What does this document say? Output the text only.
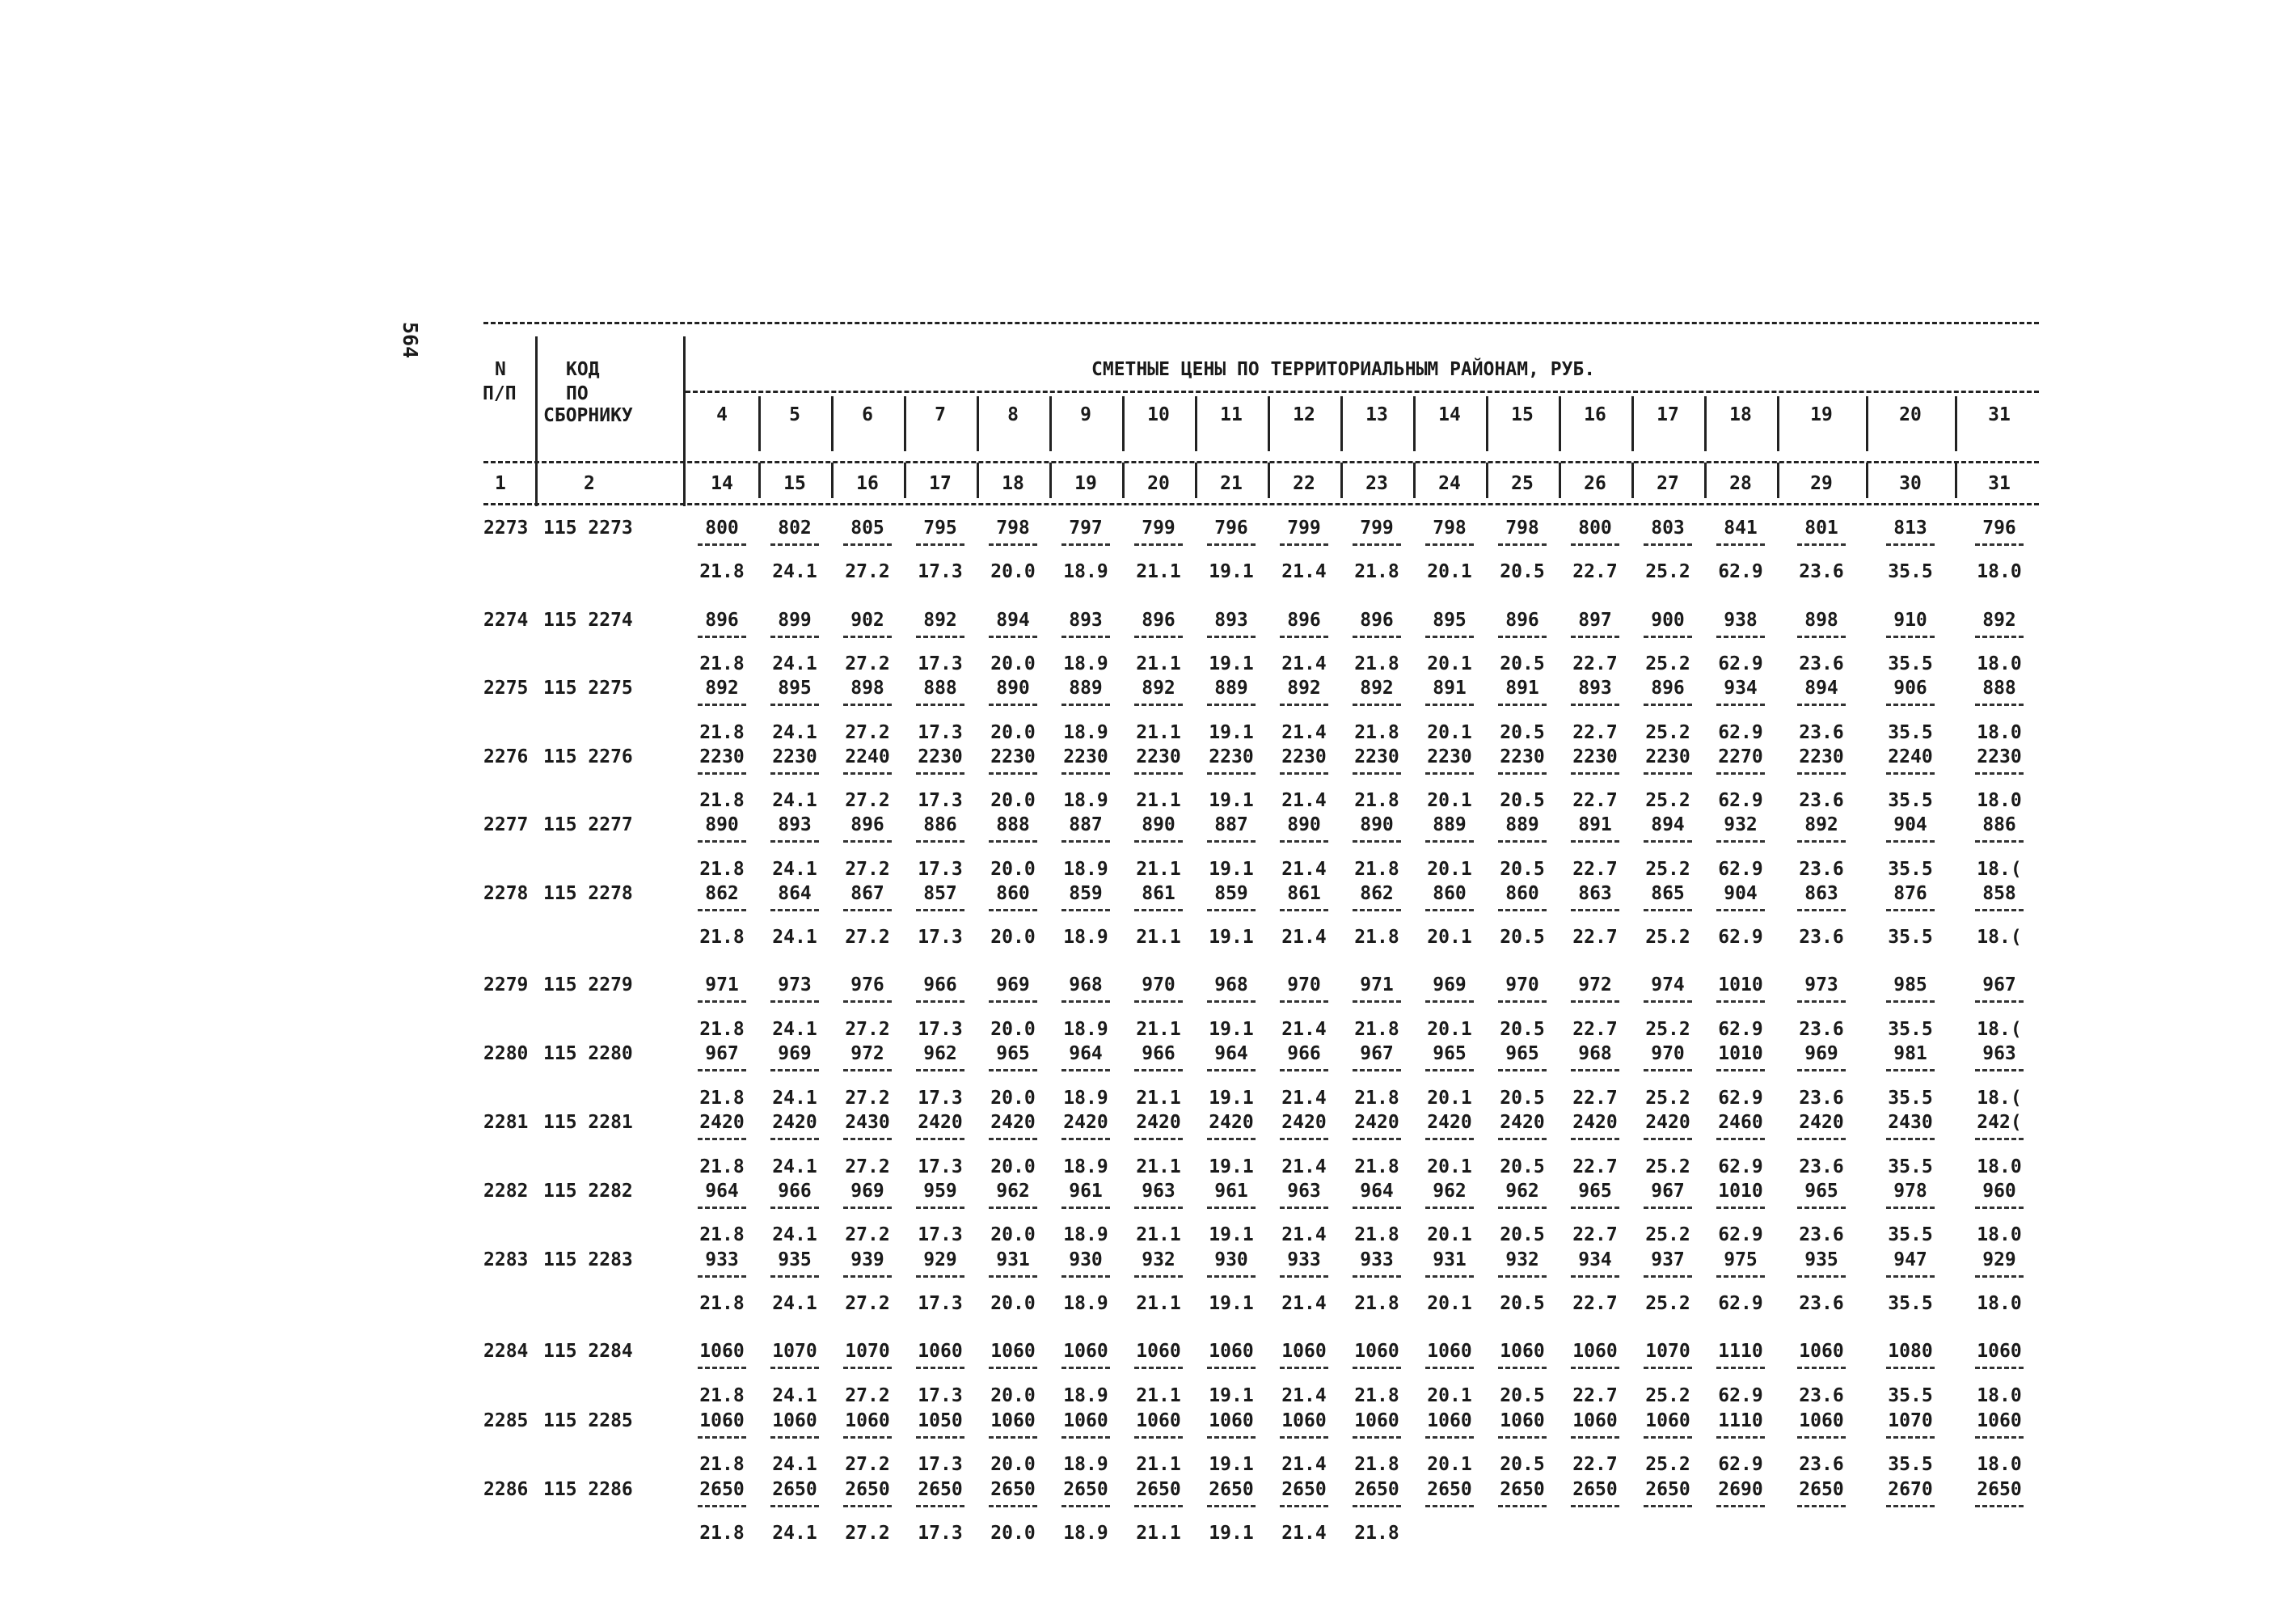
564
N
П/П
КОД
ПО
СБОРНИКУ
СМЕТНЫЕ ЦЕНЫ ПО ТЕРРИТОРИАЛЬНЫМ РАЙОНАМ, РУБ.
1	2
4	5	6	7	8	9	10	11	12	13	14	15	16	17	18	19	20	31
14	15	16	17	18	19	20	21	22	23	24	25	26	27	28	29	30	31
2273 115 2273	800	802	805	795	798	797	799	796	799	799	798	798	800	803	841	801	813	796
21.8	24.1	27.2	17.3	20.0	18.9	21.1	19.1	21.4	21.8	20.1	20.5	22.7	25.2	62.9	23.6	35.5	18.0
2274 115 2274	896	899	902	892	894	893	896	893	896	896	895	896	897	900	938	898	910	892
21.8	24.1	27.2	17.3	20.0	18.9	21.1	19.1	21.4	21.8	20.1	20.5	22.7	25.2	62.9	23.6	35.5	18.0
2275 115 2275	892	895	898	888	890	889	892	889	892	892	891	891	893	896	934	894	906	888
21.8	24.1	27.2	17.3	20.0	18.9	21.1	19.1	21.4	21.8	20.1	20.5	22.7	25.2	62.9	23.6	35.5	18.0
2276 115 2276	2230	2230	2240	2230	2230	2230	2230	2230	2230	2230	2230	2230	2230	2230	2270	2230	2240	2230
21.8	24.1	27.2	17.3	20.0	18.9	21.1	19.1	21.4	21.8	20.1	20.5	22.7	25.2	62.9	23.6	35.5	18.0
2277 115 2277	890	893	896	886	888	887	890	887	890	890	889	889	891	894	932	892	904	886
21.8	24.1	27.2	17.3	20.0	18.9	21.1	19.1	21.4	21.8	20.1	20.5	22.7	25.2	62.9	23.6	35.5	18.(
2278 115 2278	862	864	867	857	860	859	861	859	861	862	860	860	863	865	904	863	876	858
21.8	24.1	27.2	17.3	20.0	18.9	21.1	19.1	21.4	21.8	20.1	20.5	22.7	25.2	62.9	23.6	35.5	18.(
2279 115 2279	971	973	976	966	969	968	970	968	970	971	969	970	972	974	1010	973	985	967
21.8	24.1	27.2	17.3	20.0	18.9	21.1	19.1	21.4	21.8	20.1	20.5	22.7	25.2	62.9	23.6	35.5	18.(
2280 115 2280	967	969	972	962	965	964	966	964	966	967	965	965	968	970	1010	969	981	963
21.8	24.1	27.2	17.3	20.0	18.9	21.1	19.1	21.4	21.8	20.1	20.5	22.7	25.2	62.9	23.6	35.5	18.(
2281 115 2281	2420	2420	2430	2420	2420	2420	2420	2420	2420	2420	2420	2420	2420	2420	2460	2420	2430	242(
21.8	24.1	27.2	17.3	20.0	18.9	21.1	19.1	21.4	21.8	20.1	20.5	22.7	25.2	62.9	23.6	35.5	18.0
2282 115 2282	964	966	969	959	962	961	963	961	963	964	962	962	965	967	1010	965	978	960
21.8	24.1	27.2	17.3	20.0	18.9	21.1	19.1	21.4	21.8	20.1	20.5	22.7	25.2	62.9	23.6	35.5	18.0
2283 115 2283	933	935	939	929	931	930	932	930	933	933	931	932	934	937	975	935	947	929
21.8	24.1	27.2	17.3	20.0	18.9	21.1	19.1	21.4	21.8	20.1	20.5	22.7	25.2	62.9	23.6	35.5	18.0
2284 115 2284	1060	1070	1070	1060	1060	1060	1060	1060	1060	1060	1060	1060	1060	1070	1110	1060	1080	1060
21.8	24.1	27.2	17.3	20.0	18.9	21.1	19.1	21.4	21.8	20.1	20.5	22.7	25.2	62.9	23.6	35.5	18.0
2285 115 2285	1060	1060	1060	1050	1060	1060	1060	1060	1060	1060	1060	1060	1060	1060	1110	1060	1070	1060
21.8	24.1	27.2	17.3	20.0	18.9	21.1	19.1	21.4	21.8	20.1	20.5	22.7	25.2	62.9	23.6	35.5	18.0
2286 115 2286	2650	2650	2650	2650	2650	2650	2650	2650	2650	2650	2650	2650	2650	2650	2690	2650	2670	2650
21.8	24.1	27.2	17.3	20.0	18.9	21.1	19.1	21.4	21.8
